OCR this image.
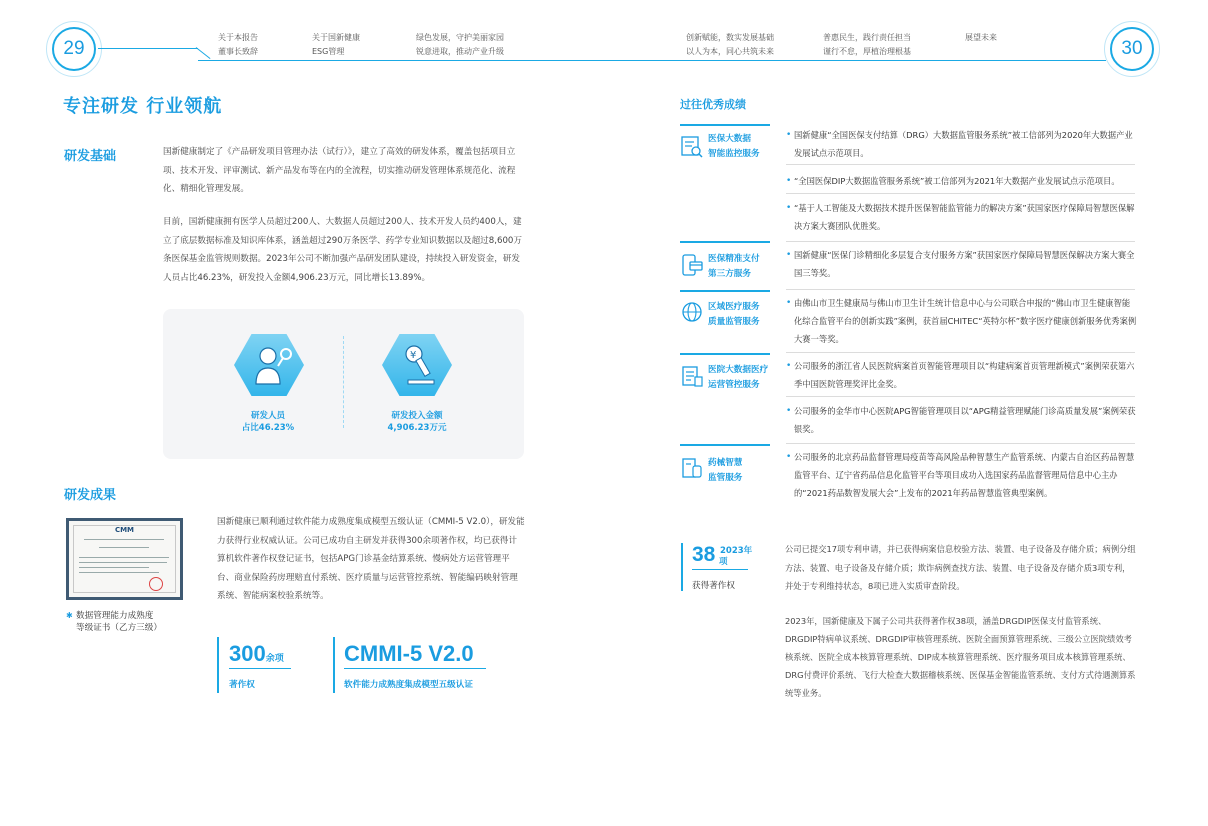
29	30
关于本报告
董事长致辞
关于国新健康
ESG管理
绿色发展，守护美丽家园
锐意进取，推动产业升级
创新赋能，数实发展基础
以人为本，同心共筑未来
普惠民生，践行责任担当
谨行不怠，厚植治理根基
展望未来
专注研发 行业领航
研发基础	国新健康制定了《产品研发项目管理办法（试行）》，建立了高效的研发体系，覆盖包括项目立项、技术开发、评审测试、新产品发布等在内的全流程，切实推动研发管理体系规范化、流程化、精细化管理发展。
目前，国新健康拥有医学人员超过200人、大数据人员超过200人、技术开发人员约400人，建立了底层数据标准及知识库体系，涵盖超过290万条医学、药学专业知识数据以及超过8,600万条医保基金监管规则数据。2023年公司不断加强产品研发团队建设，持续投入研发资金，研发人员占比46.23%，研发投入金额4,906.23万元，同比增长13.89%。
研发人员
占比46.23%
¥
研发投入金额
4,906.23万元
研发成果
CMM
✱ 数据管理能力成熟度
等级证书（乙方三级）
国新健康已顺利通过软件能力成熟度集成模型五级认证（CMMI-5 V2.0），研发能力获得行业权威认证。公司已成功自主研发并获得300余项著作权，均已获得计算机软件著作权登记证书，包括APG门诊基金结算系统、慢病处方运营管理平台、商业保险药房理赔直付系统、医疗质量与运营管控系统、智能编码映射管理系统、智能病案校验系统等。
300余项
著作权
CMMI-5 V2.0
软件能力成熟度集成模型五级认证
过往优秀成绩
医保大数据
智能监控服务
• 国新健康“全国医保支付结算（DRG）大数据监管服务系统”被工信部列为2020年大数据产业发展试点示范项目。
• “全国医保DIP大数据监管服务系统”被工信部列为2021年大数据产业发展试点示范项目。
• “基于人工智能及大数据技术提升医保智能监管能力的解决方案”获国家医疗保障局智慧医保解决方案大赛团队优胜奖。
医保精准支付
第三方服务
• 国新健康“医保门诊精细化多层复合支付服务方案”获国家医疗保障局智慧医保解决方案大赛全国三等奖。
区域医疗服务
质量监管服务
• 由佛山市卫生健康局与佛山市卫生计生统计信息中心与公司联合申报的“佛山市卫生健康智能化综合监管平台的创新实践”案例，获首届CHITEC“英特尔杯”数字医疗健康创新服务优秀案例大赛一等奖。
医院大数据医疗
运营管控服务
• 公司服务的浙江省人民医院病案首页智能管理项目以“构建病案首页管理新模式”案例荣获第六季中国医院管理奖评比金奖。
• 公司服务的金华市中心医院APG智能管理项目以“APG精益管理赋能门诊高质量发展”案例荣获银奖。
药械智慧
监管服务
• 公司服务的北京药品监督管理局疫苗等高风险品种智慧生产监管系统、内蒙古自治区药品智慧监管平台、辽宁省药品信息化监管平台等项目成功入选国家药品监督管理局信息中心主办的“2021药品数智发展大会”上发布的2021年药品智慧监管典型案例。
38 2023年
项
获得著作权
公司已提交17项专利申请，并已获得病案信息校验方法、装置、电子设备及存储介质；病例分组方法、装置、电子设备及存储介质；欺诈病例查找方法、装置、电子设备及存储介质3项专利，并处于专利维持状态，8项已进入实质审查阶段。
2023年，国新健康及下属子公司共获得著作权38项，涵盖DRGDIP医保支付监管系统、DRGDIP特病单议系统、DRGDIP审核管理系统、医院全面预算管理系统、三级公立医院绩效考核系统、医院全成本核算管理系统、DIP成本核算管理系统、医疗服务项目成本核算管理系统、DRG付费评价系统、飞行大检查大数据稽核系统、医保基金智能监管系统、支付方式待遇测算系统等业务。
